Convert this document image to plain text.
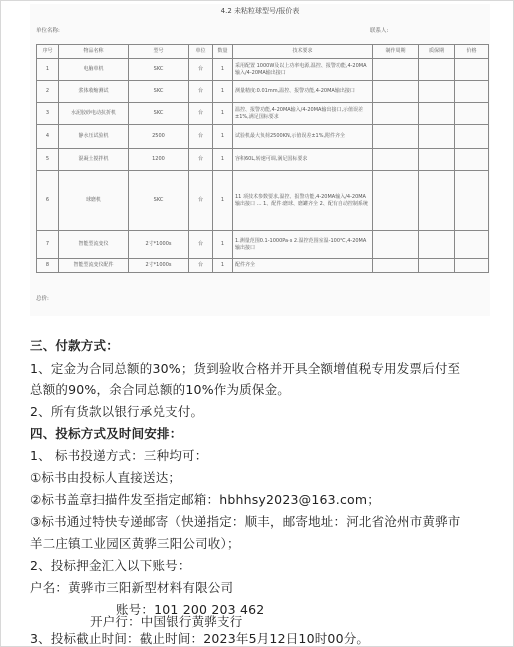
4.2 未粘粒球型号/报价表
单位名称:	联系人:
序号	物品名称	型号	单位	数量	技术要求	制作周期	质保期	价格
1	电脑单机	SKC	台	1	采用配置 1000W及以上功率电源,温控、报警功能,4-20MA输入/4-20MA输出接口			
2	浆体收缩测试	SKC	台	1	测量精度:0.01mm,温控、报警功能,4-20MA输出接口			
3	水泥胶砂电动抗折机	SKC	台	1	温控、报警功能,4-20MA输入/4-20MA输出接口,示值误差±1%,满足国标要求			
4	静水压试验机	2500	台	1	试验机最大负荷2500KN,示值误差±1%,附件齐全			
5	混凝土搅拌机	1200	台	1	容积60L,转速可调,满足国标要求			
6	球磨机	SKC	台	1	11 项技术参数要求,温控、报警功能,4-20MA输入/4-20MA输出接口 … 1、配件:磨球、磨罐齐全 2、配有自动控制系统			
7	智能型流变仪	2寸*1000s	台	1	1.测量范围0.1-1000Pa·s 2.温控范围室温-100℃,4-20MA输出接口			
8	智能型流变仪配件	2寸*1000s	台	1	配件齐全			
总价:
三、付款方式：
1、定金为合同总额的30%；货到验收合格并开具全额增值税专用发票后付至
总额的90%，余合同总额的10%作为质保金。
2、所有货款以银行承兑支付。
四、投标方式及时间安排：
1、 标书投递方式：三种均可：
①标书由投标人直接送达；
②标书盖章扫描件发至指定邮箱：hbhhsy2023@163.com；
③标书通过特快专递邮寄（快递指定：顺丰，邮寄地址：河北省沧州市黄骅市
羊二庄镇工业园区黄骅三阳公司收）；
2、投标押金汇入以下账号：
户名：黄骅市三阳新型材料有限公司
账号：101 200 203 462
开户行：中国银行黄骅支行
3、投标截止时间：截止时间：2023年5月12日10时00分。
